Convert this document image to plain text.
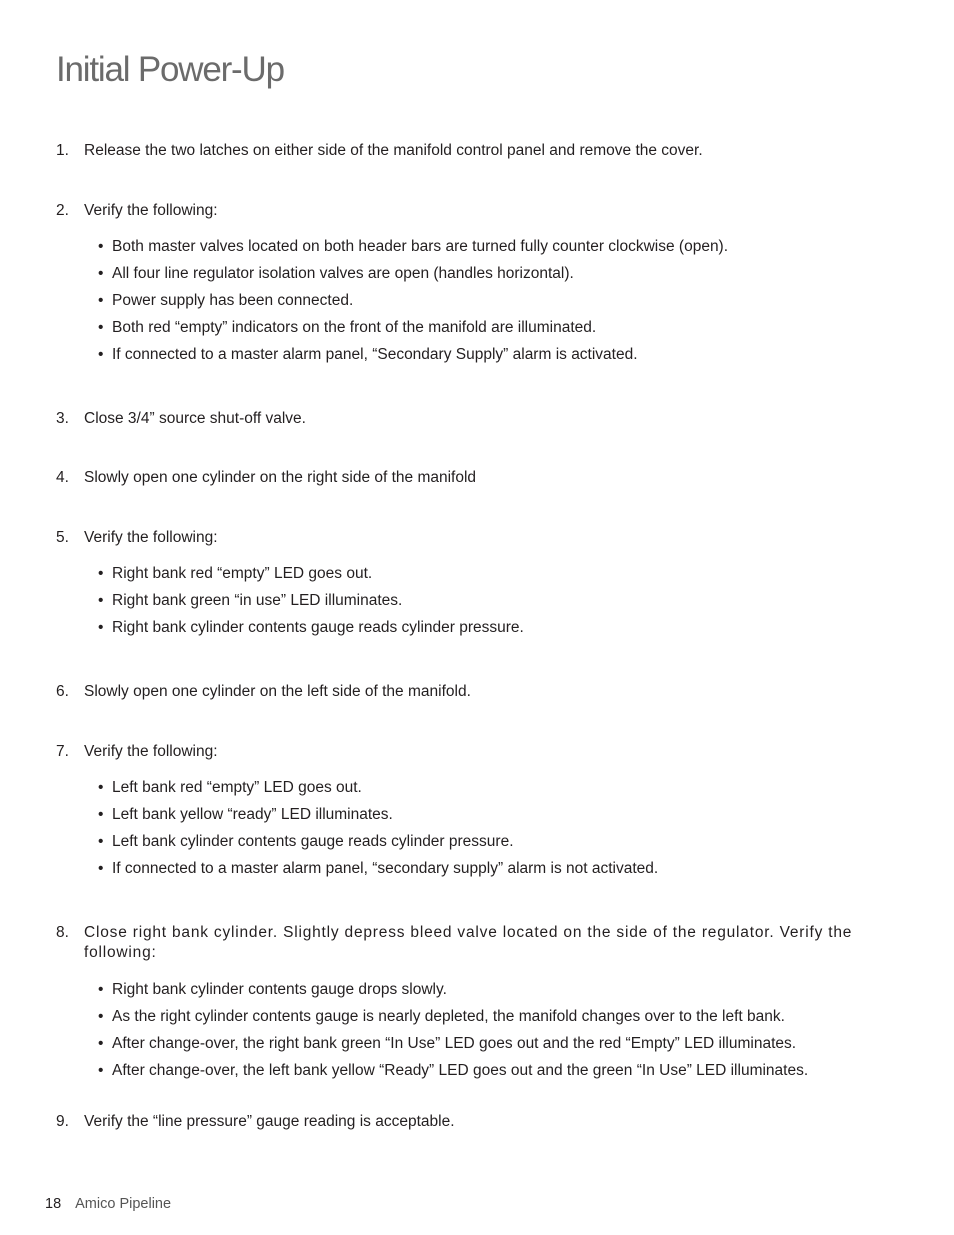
Initial Power-Up
1. Release the two latches on either side of the manifold control panel and remove the cover.
2. Verify the following:
• Both master valves located on both header bars are turned fully counter clockwise (open).
• All four line regulator isolation valves are open (handles horizontal).
• Power supply has been connected.
• Both red “empty” indicators on the front of the manifold are illuminated.
• If connected to a master alarm panel, “Secondary Supply” alarm is activated.
3. Close 3/4” source shut-off valve.
4. Slowly open one cylinder on the right side of the manifold
5. Verify the following:
• Right bank red “empty” LED goes out.
• Right bank green “in use” LED illuminates.
• Right bank cylinder contents gauge reads cylinder pressure.
6. Slowly open one cylinder on the left side of the manifold.
7. Verify the following:
• Left bank red “empty” LED goes out.
• Left bank yellow “ready” LED illuminates.
• Left bank cylinder contents gauge reads cylinder pressure.
• If connected to a master alarm panel, “secondary supply” alarm is not activated.
8. Close right bank cylinder. Slightly depress bleed valve located on the side of the regulator. Verify the following:
• Right bank cylinder contents gauge drops slowly.
• As the right cylinder contents gauge is nearly depleted, the manifold changes over to the left bank.
• After change-over, the right bank green “In Use” LED goes out and the red “Empty” LED illuminates.
• After change-over, the left bank yellow “Ready” LED goes out and the green “In Use” LED illuminates.
9. Verify the “line pressure” gauge reading is acceptable.
18 Amico Pipeline
